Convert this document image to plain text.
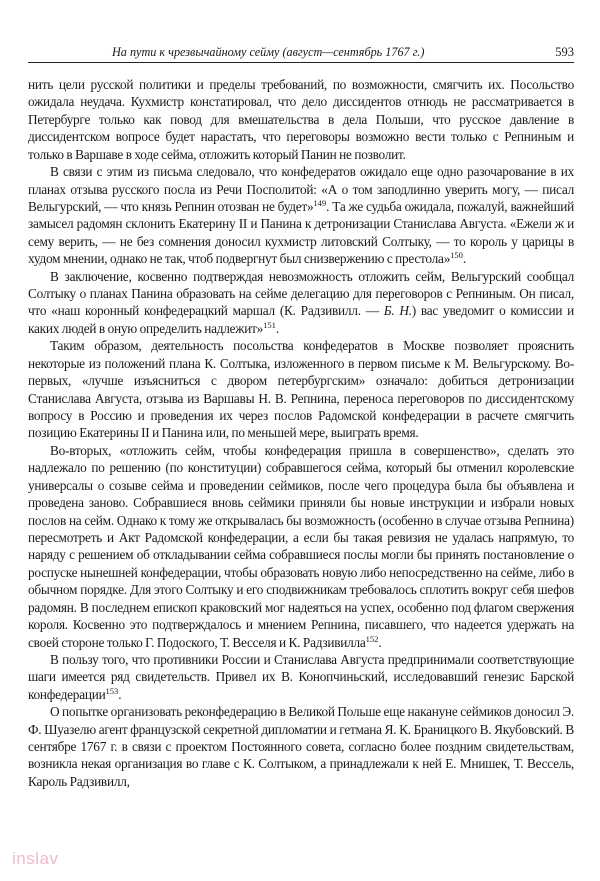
На пути к чрезвычайному сейму (август—сентябрь 1767 г.)	593

нить цели русской политики и пределы требований, по возможности, смягчить их. Посольство ожидала неудача. Кухмистр констатировал, что дело диссидентов отнюдь не рассматривается в Петербурге только как повод для вмешательства в дела Польши, что русское давление в диссидентском вопросе будет нарастать, что переговоры возможно вести только с Репниным и только в Варшаве в ходе сейма, отложить который Панин не позволит.

В связи с этим из письма следовало, что конфедератов ожидало еще одно разочарование в их планах отзыва русского посла из Речи Посполитой: «А о том заподлинно уверить могу, — писал Вельгурский, — что князь Репнин отозван не будет»$^{149}$. Та же судьба ожидала, пожалуй, важнейший замысел радомян склонить Екатерину II и Панина к детронизации Станислава Августа. «Ежели ж и сему верить, — не без сомнения доносил кухмистр литовский Солтыку, — то король у царицы в худом мнении, однако не так, чтоб подвергнут был снизвержению с престола»$^{150}$.

В заключение, косвенно подтверждая невозможность отложить сейм, Вельгурский сообщал Солтыку о планах Панина образовать на сейме делегацию для переговоров с Репниным. Он писал, что «наш коронный конфедерацкий маршал (К. Радзивилл. — Б. Н.) вас уведомит о комиссии и каких людей в оную определить надлежит»$^{151}$.

Таким образом, деятельность посольства конфедератов в Москве позволяет прояснить некоторые из положений плана К. Солтыка, изложенного в первом письме к М. Вельгурскому. Во-первых, «лучше изъясниться с двором петербургским» означало: добиться детронизации Станислава Августа, отзыва из Варшавы Н. В. Репнина, переноса переговоров по диссидентскому вопросу в Россию и проведения их через послов Радомской конфедерации в расчете смягчить позицию Екатерины II и Панина или, по меньшей мере, выиграть время.

Во-вторых, «отложить сейм, чтобы конфедерация пришла в совершенство», сделать это надлежало по решению (по конституции) собравшегося сейма, который бы отменил королевские универсалы о созыве сейма и проведении сеймиков, после чего процедура была бы объявлена и проведена заново. Собравшиеся вновь сеймики приняли бы новые инструкции и избрали новых послов на сейм. Однако к тому же открывалась бы возможность (особенно в случае отзыва Репнина) пересмотреть и Акт Радомской конфедерации, а если бы такая ревизия не удалась напрямую, то наряду с решением об откладывании сейма собравшиеся послы могли бы принять постановление о роспуске нынешней конфедерации, чтобы образовать новую либо непосредственно на сейме, либо в обычном порядке. Для этого Солтыку и его сподвижникам требовалось сплотить вокруг себя шефов радомян. В последнем епископ краковский мог надеяться на успех, особенно под флагом свержения короля. Косвенно это подтверждалось и мнением Репнина, писавшего, что надеется удержать на своей стороне только Г. Подоского, Т. Весселя и К. Радзивилла$^{152}$.

В пользу того, что противники России и Станислава Августа предпринимали соответствующие шаги имеется ряд свидетельств. Привел их В. Конопчиньский, исследовавший генезис Барской конфедерации$^{153}$.

О попытке организовать реконфедерацию в Великой Польше еще накануне сеймиков доносил Э. Ф. Шуазелю агент французской секретной дипломатии и гетмана Я. К. Браницкого В. Якубовский. В сентябре 1767 г. в связи с проектом Постоянного совета, согласно более поздним свидетельствам, возникла некая организация во главе с К. Солтыком, а принадлежали к ней Е. Мнишек, Т. Вессель, Кароль Радзивилл,

inslav
